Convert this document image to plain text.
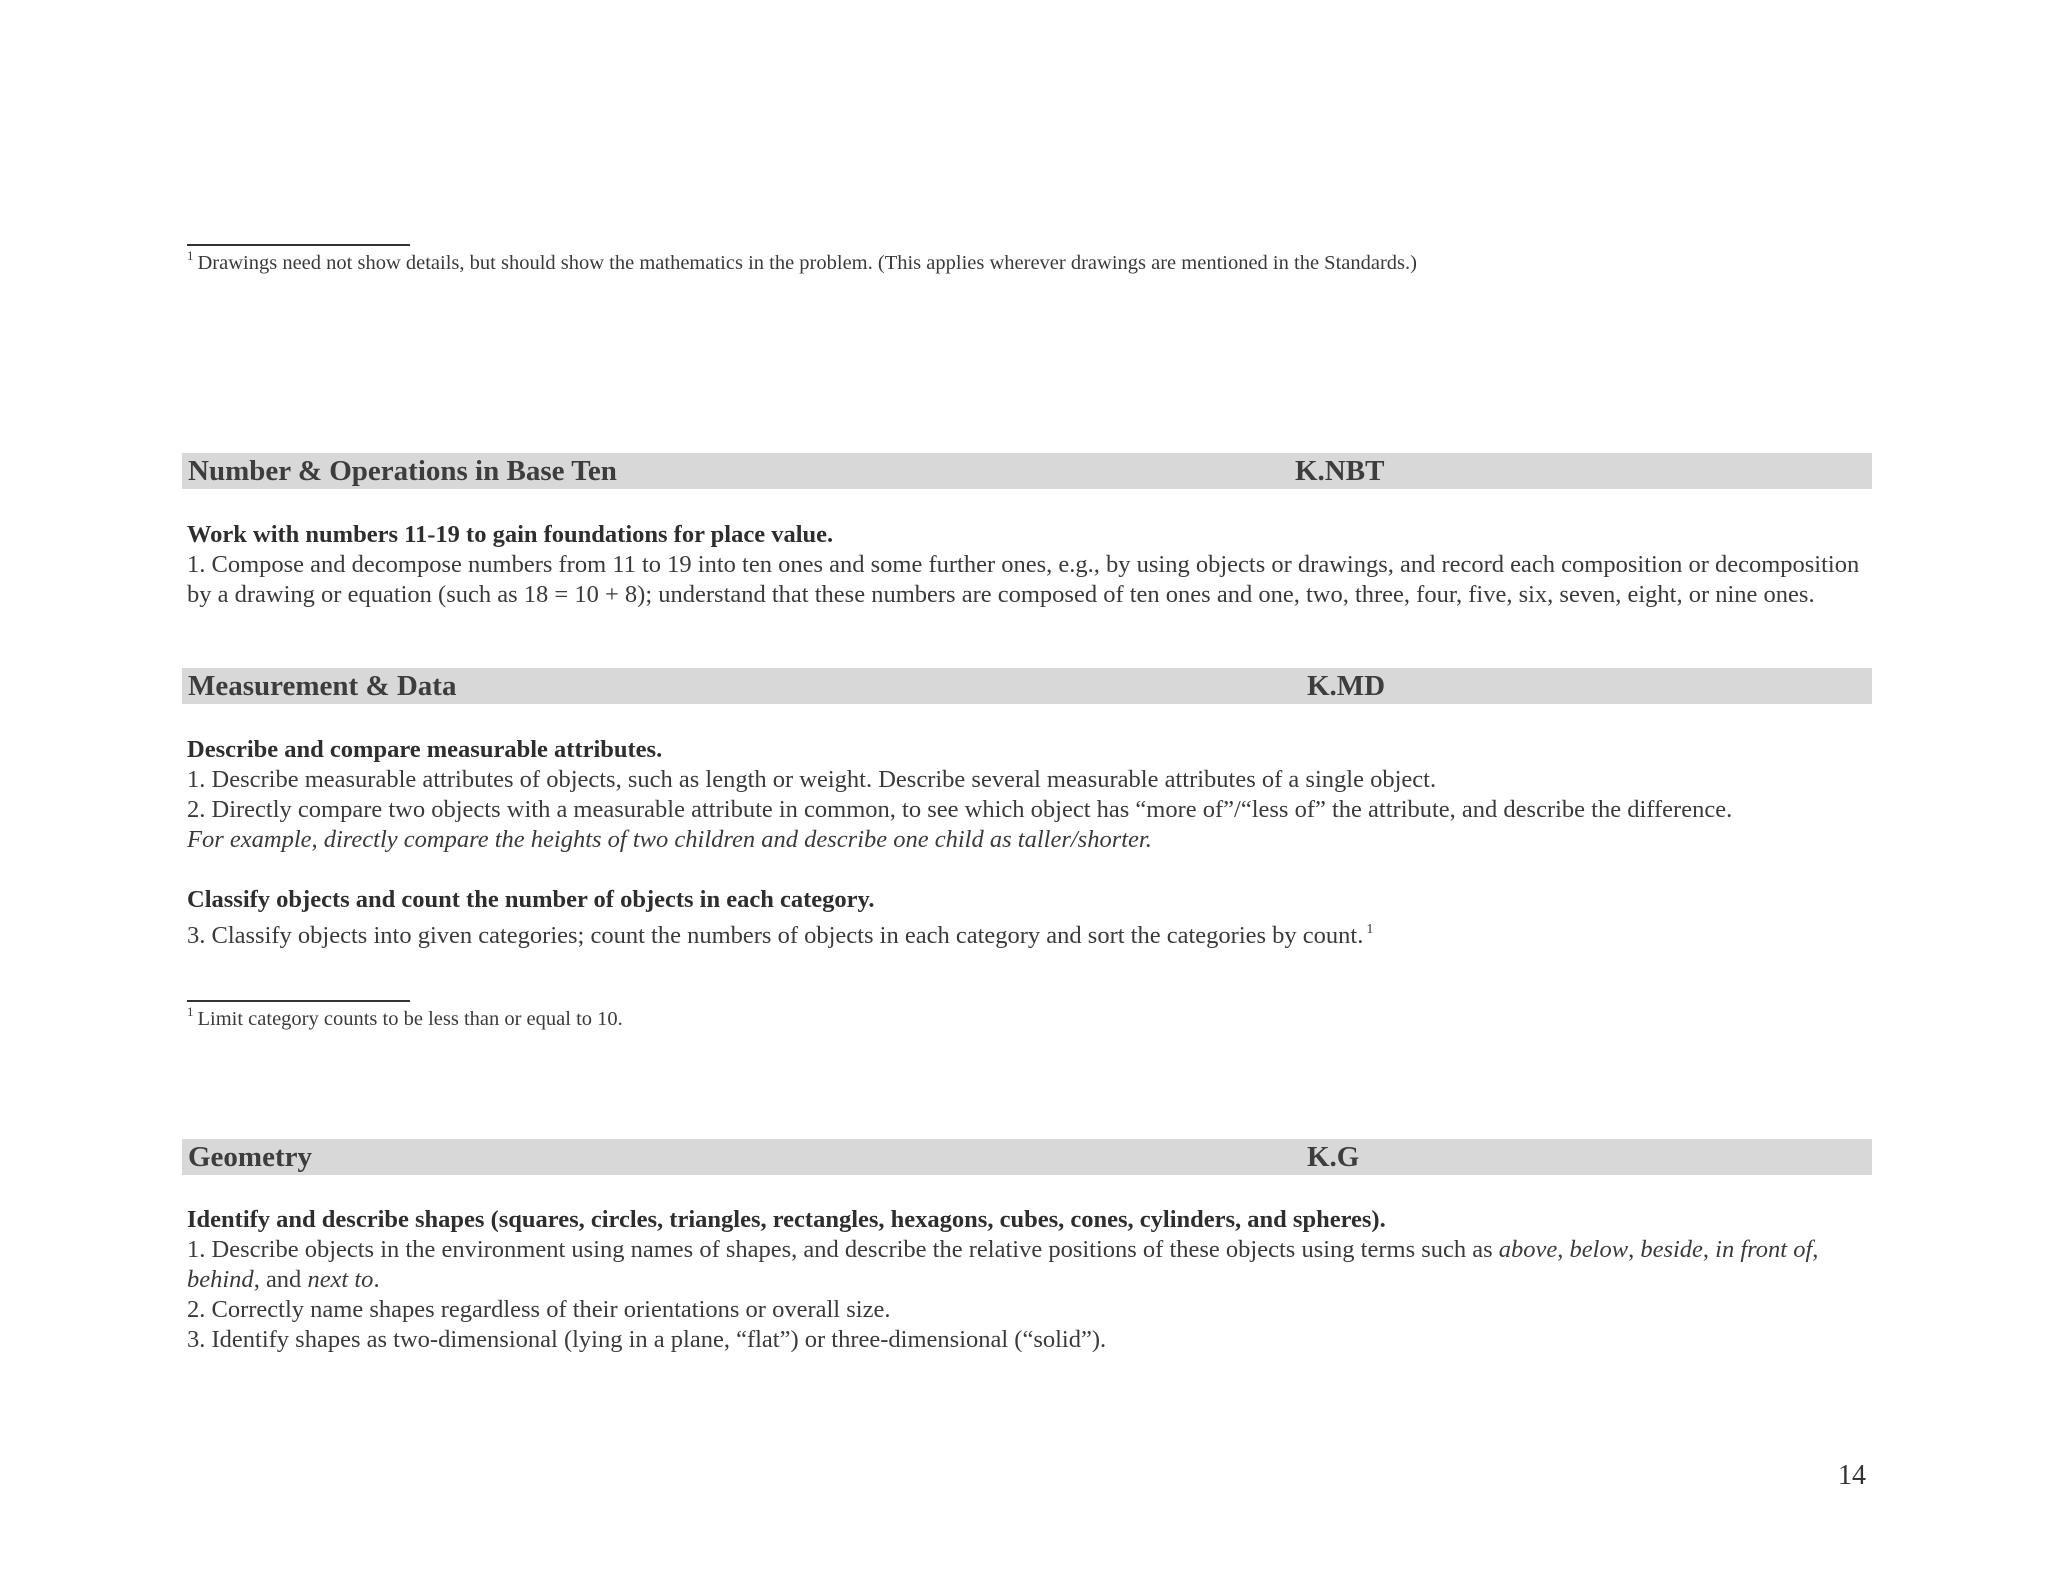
$^1$ Drawings need not show details, but should show the mathematics in the problem. (This applies wherever drawings are mentioned in the Standards.)
Number & Operations in Base Ten	K.NBT

Work with numbers 11-19 to gain foundations for place value.

1. Compose and decompose numbers from 11 to 19 into ten ones and some further ones, e.g., by using objects or drawings, and record each composition or decomposition by a drawing or equation (such as 18 = 10 + 8); understand that these numbers are composed of ten ones and one, two, three, four, five, six, seven, eight, or nine ones.

Measurement & Data	K.MD

Describe and compare measurable attributes.

1. Describe measurable attributes of objects, such as length or weight. Describe several measurable attributes of a single object.

2. Directly compare two objects with a measurable attribute in common, to see which object has “more of”/“less of” the attribute, and describe the difference.

For example, directly compare the heights of two children and describe one child as taller/shorter.

Classify objects and count the number of objects in each category.

3. Classify objects into given categories; count the numbers of objects in each category and sort the categories by count. $^1$

$^1$ Limit category counts to be less than or equal to 10.
Geometry	K.G

Identify and describe shapes (squares, circles, triangles, rectangles, hexagons, cubes, cones, cylinders, and spheres).

1. Describe objects in the environment using names of shapes, and describe the relative positions of these objects using terms such as above, below, beside, in front of, behind, and next to.

2. Correctly name shapes regardless of their orientations or overall size.

3. Identify shapes as two-dimensional (lying in a plane, “flat”) or three-dimensional (“solid”).

14
